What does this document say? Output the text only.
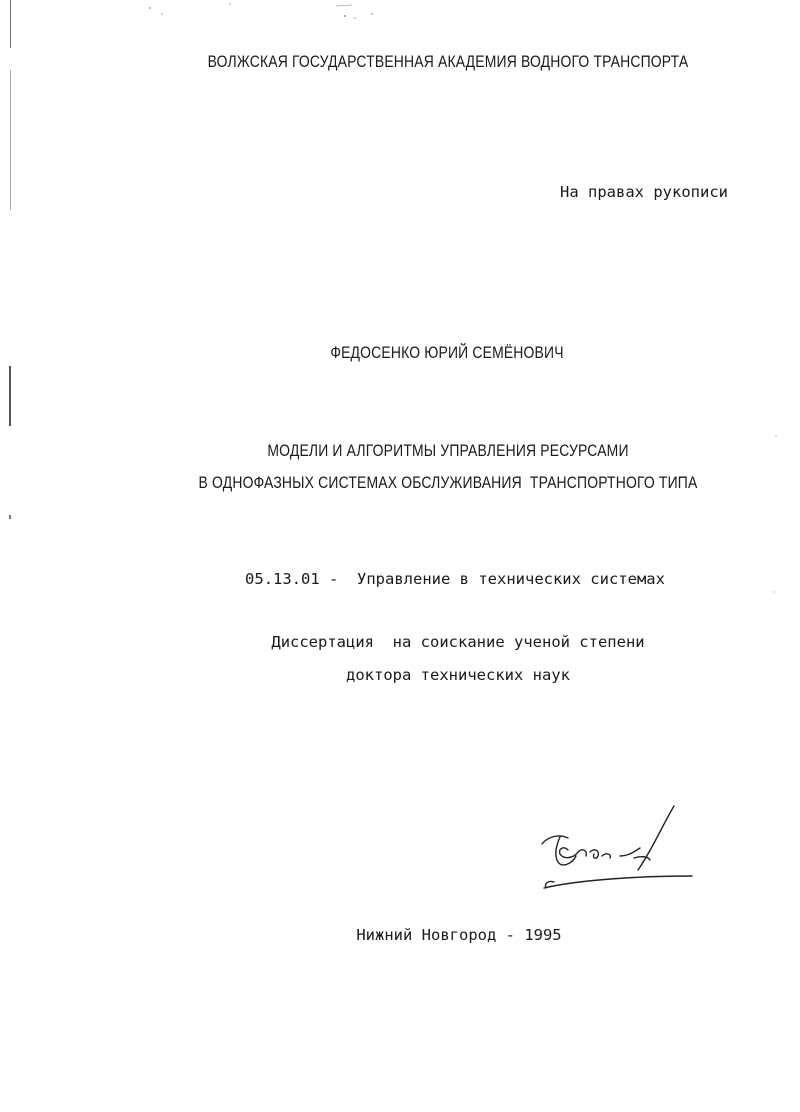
ВОЛЖСКАЯ ГОСУДАРСТВЕННАЯ АКАДЕМИЯ ВОДНОГО ТРАНСПОРТА
На правах рукописи
ФЕДОСЕНКО ЮРИЙ СЕМЁНОВИЧ
МОДЕЛИ И АЛГОРИТМЫ УПРАВЛЕНИЯ РЕСУРСАМИ
В ОДНОФАЗНЫХ СИСТЕМАХ ОБСЛУЖИВАНИЯ  ТРАНСПОРТНОГО ТИПА
05.13.01 -  Управление в технических системах
Диссертация  на соискание ученой степени
доктора технических наук
Нижний Новгород - 1995
